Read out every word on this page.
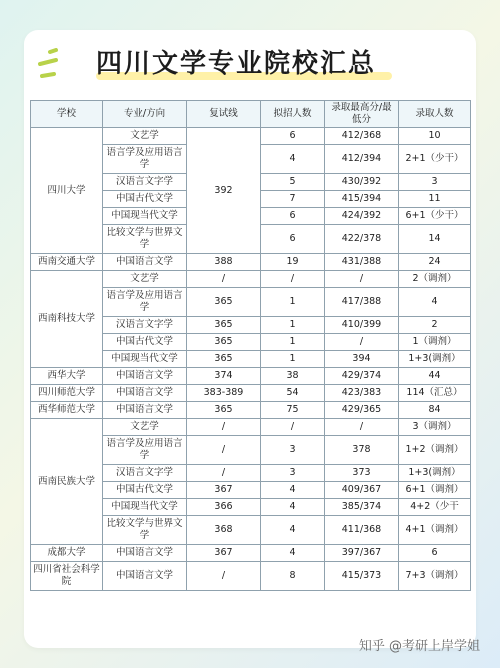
四川文学专业院校汇总
学校	专业/方向	复试线	拟招人数	录取最高分/最低分	录取人数
四川大学	文艺学	392	6	412/368	10
	语言学及应用语言学		4	412/394	2+1（少干）
	汉语言文字学		5	430/392	3
	中国古代文学		7	415/394	11
	中国现当代文学		6	424/392	6+1（少干）
	比较文学与世界文学		6	422/378	14
西南交通大学	中国语言文学	388	19	431/388	24
西南科技大学	文艺学	/	/	/	2（调剂）
	语言学及应用语言学	365	1	417/388	4
	汉语言文字学	365	1	410/399	2
	中国古代文学	365	1	/	1（调剂）
	中国现当代文学	365	1	394	1+3(调剂）
西华大学	中国语言文学	374	38	429/374	44
四川师范大学	中国语言文学	383-389	54	423/383	114（汇总）
西华师范大学	中国语言文学	365	75	429/365	84
西南民族大学	文艺学	/	/	/	3（调剂）
	语言学及应用语言学	/	3	378	1+2（调剂）
	汉语言文字学	/	3	373	1+3(调剂）
	中国古代文学	367	4	409/367	6+1（调剂）
	中国现当代文学	366	4	385/374	4+2（少干
	比较文学与世界文学	368	4	411/368	4+1（调剂）
成都大学	中国语言文学	367	4	397/367	6
四川省社会科学院	中国语言文学	/	8	415/373	7+3（调剂）
知乎 @考研上岸学姐
